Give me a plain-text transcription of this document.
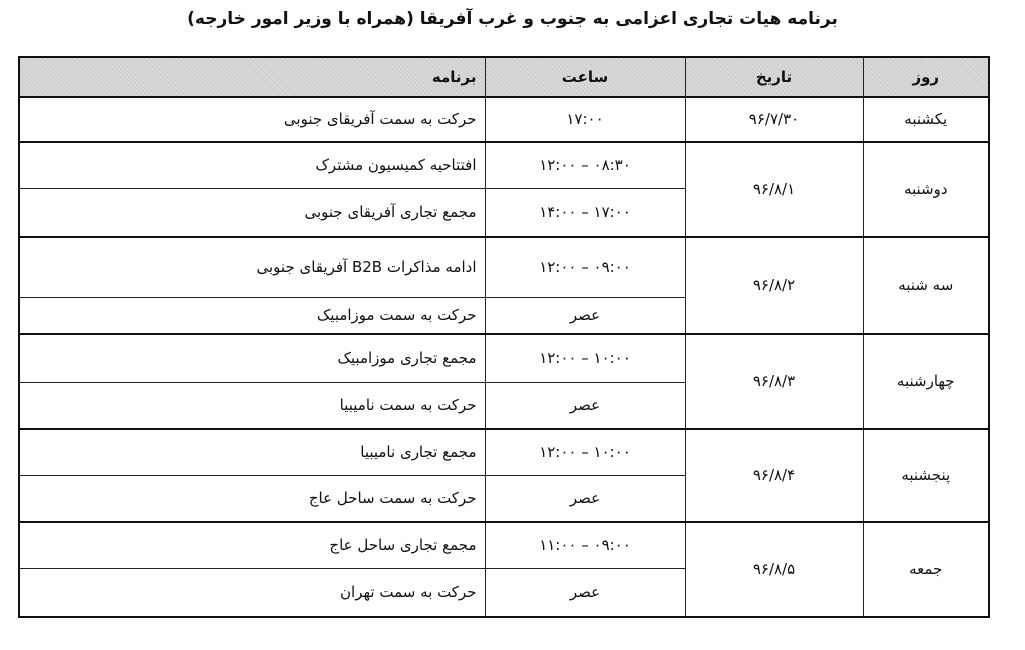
برنامه هیات تجاری اعزامی به جنوب و غرب آفریقا (همراه با وزیر امور خارجه)
روز	تاریخ	ساعت	برنامه
یکشنبه	۹۶/۷/۳۰	۱۷:۰۰	حرکت به سمت آفریقای جنوبی
دوشنبه	۹۶/۸/۱	۰۸:۳۰ – ۱۲:۰۰	افتتاحیه کمیسیون مشترک
		۱۷:۰۰ – ۱۴:۰۰	مجمع تجاری آفریقای جنوبی
سه شنبه	۹۶/۸/۲	۰۹:۰۰ – ۱۲:۰۰	ادامه مذاکرات B2B آفریقای جنوبی
		عصر	حرکت به سمت موزامبیک
چهارشنبه	۹۶/۸/۳	۱۰:۰۰ – ۱۲:۰۰	مجمع تجاری موزامبیک
		عصر	حرکت به سمت نامیبیا
پنجشنبه	۹۶/۸/۴	۱۰:۰۰ – ۱۲:۰۰	مجمع تجاری نامیبیا
		عصر	حرکت به سمت ساحل عاج
جمعه	۹۶/۸/۵	۰۹:۰۰ – ۱۱:۰۰	مجمع تجاری ساحل عاج
		عصر	حرکت به سمت تهران
